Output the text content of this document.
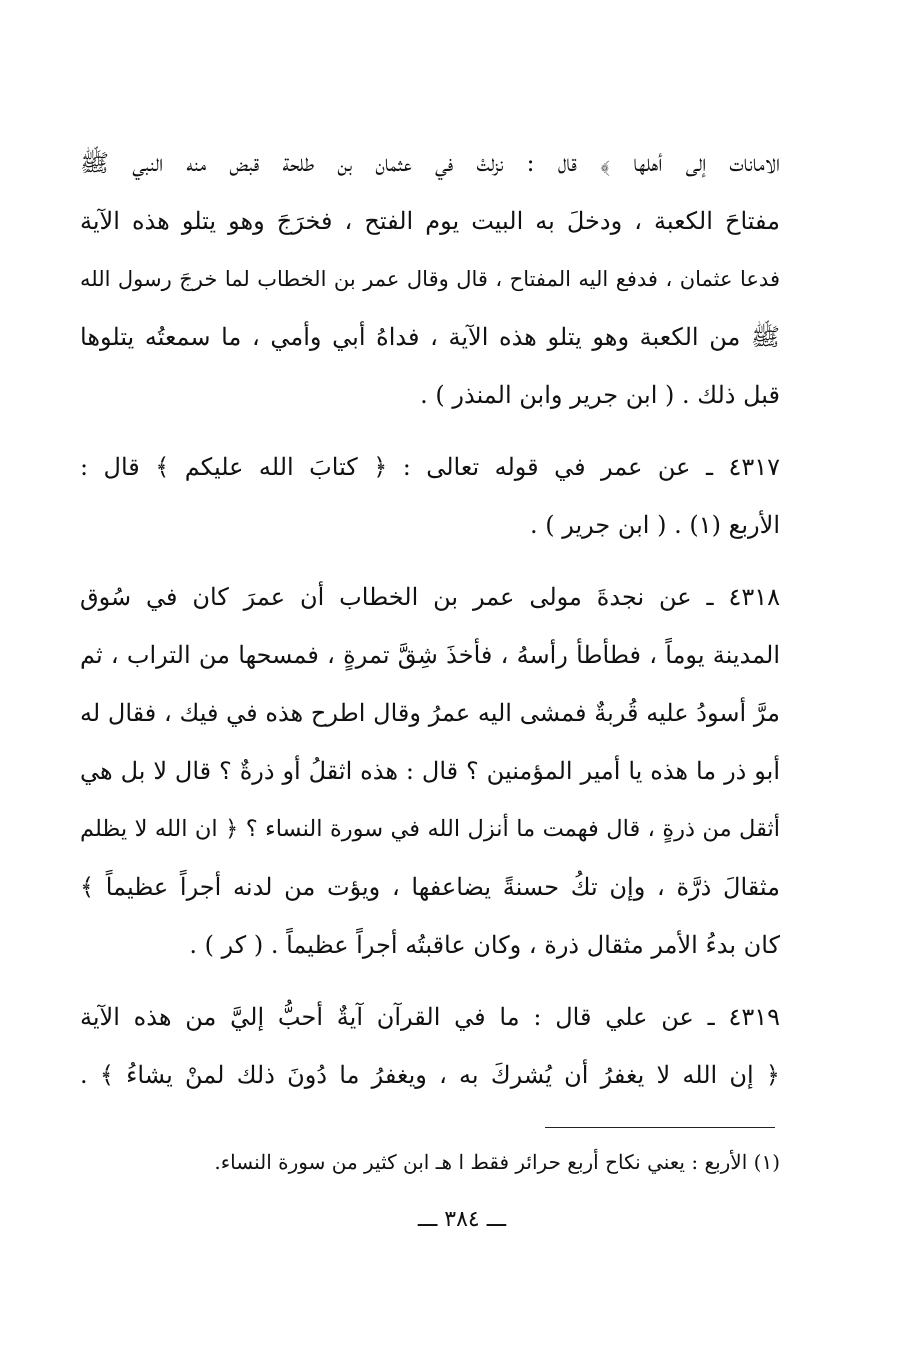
الامانات إلى أهلها ﴾ قال : نزلتْ في عثمان بن طلحة قبض منه النبي ﷺ
مفتاحَ الكعبة ، ودخلَ به البيت يوم الفتح ، فخرَجَ وهو يتلو هذه الآية
فدعا عثمان ، فدفع اليه المفتاح ، قال وقال عمر بن الخطاب لما خرجَ رسول الله
ﷺ من الكعبة وهو يتلو هذه الآية ، فداهُ أبي وأمي ، ما سمعتُه يتلوها
قبل ذلك . ( ابن جرير وابن المنذر ) .
٤٣١٧ ـ عن عمر في قوله تعالى : ﴿ كتابَ الله عليكم ﴾ قال :
الأربع (١) . ( ابن جرير ) .
٤٣١٨ ـ عن نجدةَ مولى عمر بن الخطاب أن عمرَ كان في سُوق
المدينة يوماً ، فطأطأ رأسهُ ، فأخذَ شِقَّ تمرةٍ ، فمسحها من التراب ، ثم
مرَّ أسودُ عليه قُربةٌ فمشى اليه عمرُ وقال اطرح هذه في فيك ، فقال له
أبو ذر ما هذه يا أمير المؤمنين ؟ قال : هذه اثقلُ أو ذرةٌ ؟ قال لا بل هي
أثقل من ذرةٍ ، قال فهمت ما أنزل الله في سورة النساء ؟ ﴿ ان الله لا يظلم
مثقالَ ذرَّة ، وإن تكُ حسنةً يضاعفها ، ويؤت من لدنه أجراً عظيماً ﴾
كان بدءُ الأمر مثقال ذرة ، وكان عاقبتُه أجراً عظيماً . ( كر ) .
٤٣١٩ ـ عن علي قال : ما في القرآن آيةٌ أحبُّ إليَّ من هذه الآية
﴿ إن الله لا يغفرُ أن يُشركَ به ، ويغفرُ ما دُونَ ذلك لمنْ يشاءُ ﴾ .
(١) الأربع : يعني نكاح أربع حرائر فقط ا هـ ابن كثير من سورة النساء.
ـــ ٣٨٤ ـــ
